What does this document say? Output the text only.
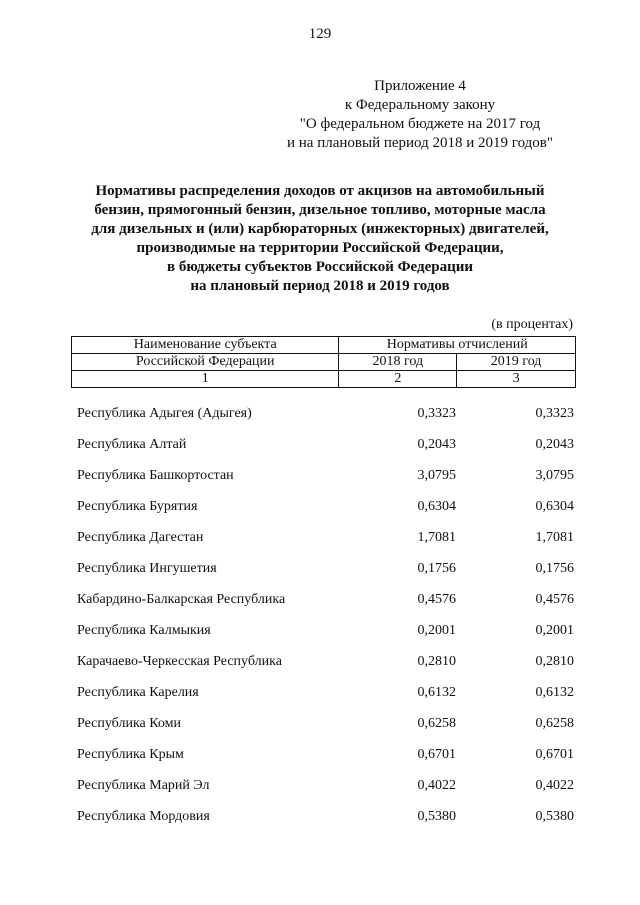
129
Приложение 4
к Федеральному закону
"О федеральном бюджете на 2017 год
и на плановый период 2018 и 2019 годов"
Нормативы распределения доходов от акцизов на автомобильный
бензин, прямогонный бензин, дизельное топливо, моторные масла
для дизельных и (или) карбюраторных (инжекторных) двигателей,
производимые на территории Российской Федерации,
в бюджеты субъектов Российской Федерации
на плановый период 2018 и 2019 годов
(в процентах)
Наименование субъекта	Нормативы отчислений	
Российской Федерации	2018 год	2019 год
1	2	3
Республика Адыгея (Адыгея)	0,3323	0,3323
Республика Алтай	0,2043	0,2043
Республика Башкортостан	3,0795	3,0795
Республика Бурятия	0,6304	0,6304
Республика Дагестан	1,7081	1,7081
Республика Ингушетия	0,1756	0,1756
Кабардино-Балкарская Республика	0,4576	0,4576
Республика Калмыкия	0,2001	0,2001
Карачаево-Черкесская Республика	0,2810	0,2810
Республика Карелия	0,6132	0,6132
Республика Коми	0,6258	0,6258
Республика Крым	0,6701	0,6701
Республика Марий Эл	0,4022	0,4022
Республика Мордовия	0,5380	0,5380
